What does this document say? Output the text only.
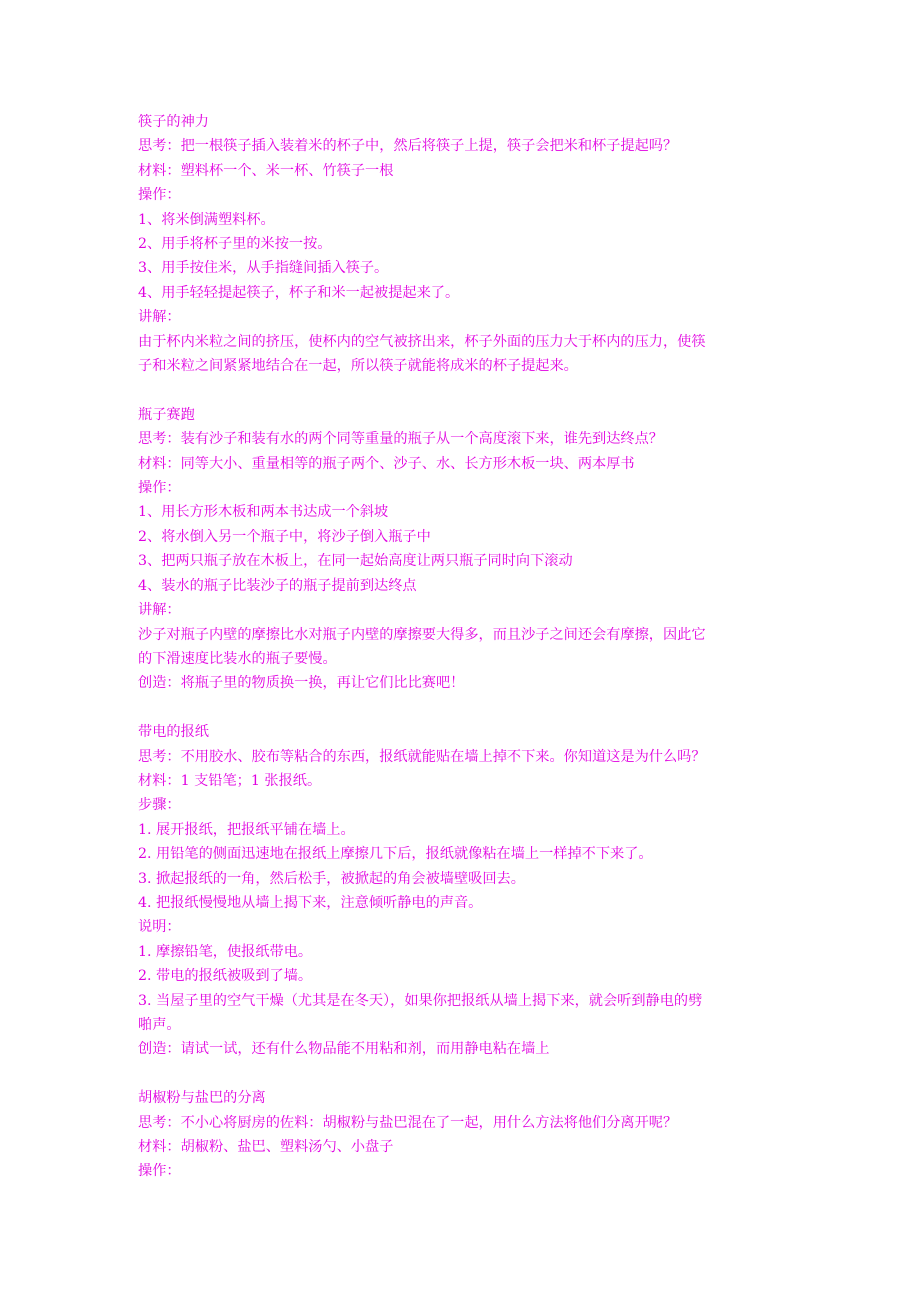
筷子的神力
思考：把一根筷子插入装着米的杯子中，然后将筷子上提，筷子会把米和杯子提起吗？
材料：塑料杯一个、米一杯、竹筷子一根
操作：
1、将米倒满塑料杯。
2、用手将杯子里的米按一按。
3、用手按住米，从手指缝间插入筷子。
4、用手轻轻提起筷子，杯子和米一起被提起来了。
讲解：
由于杯内米粒之间的挤压，使杯内的空气被挤出来，杯子外面的压力大于杯内的压力，使筷
子和米粒之间紧紧地结合在一起，所以筷子就能将成米的杯子提起来。
瓶子赛跑
思考：装有沙子和装有水的两个同等重量的瓶子从一个高度滚下来，谁先到达终点？
材料：同等大小、重量相等的瓶子两个、沙子、水、长方形木板一块、两本厚书
操作：
1、用长方形木板和两本书达成一个斜坡
2、将水倒入另一个瓶子中，将沙子倒入瓶子中
3、把两只瓶子放在木板上，在同一起始高度让两只瓶子同时向下滚动
4、装水的瓶子比装沙子的瓶子提前到达终点
讲解：
沙子对瓶子内壁的摩擦比水对瓶子内壁的摩擦要大得多，而且沙子之间还会有摩擦，因此它
的下滑速度比装水的瓶子要慢。
创造：将瓶子里的物质换一换，再让它们比比赛吧！
带电的报纸
思考：不用胶水、胶布等粘合的东西，报纸就能贴在墙上掉不下来。你知道这是为什么吗？
材料：1 支铅笔；1 张报纸。
步骤：
1. 展开报纸，把报纸平铺在墙上。
2. 用铅笔的侧面迅速地在报纸上摩擦几下后，报纸就像粘在墙上一样掉不下来了。
3. 掀起报纸的一角，然后松手，被掀起的角会被墙壁吸回去。
4. 把报纸慢慢地从墙上揭下来，注意倾听静电的声音。
说明：
1. 摩擦铅笔，使报纸带电。
2. 带电的报纸被吸到了墙。
3. 当屋子里的空气干燥（尤其是在冬天），如果你把报纸从墙上揭下来，就会听到静电的劈
啪声。
创造：请试一试，还有什么物品能不用粘和剂，而用静电粘在墙上
胡椒粉与盐巴的分离
思考：不小心将厨房的佐料：胡椒粉与盐巴混在了一起，用什么方法将他们分离开呢？
材料：胡椒粉、盐巴、塑料汤勺、小盘子
操作：
